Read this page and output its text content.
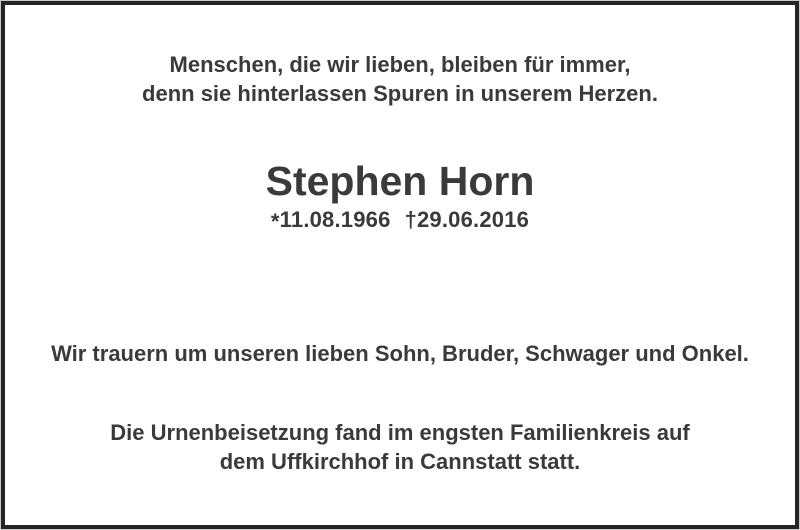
Menschen, die wir lieben, bleiben für immer,
denn sie hinterlassen Spuren in unserem Herzen.
Stephen Horn
*11.08.1966 †29.06.2016
Wir trauern um unseren lieben Sohn, Bruder, Schwager und Onkel.
Die Urnenbeisetzung fand im engsten Familienkreis auf
dem Uffkirchhof in Cannstatt statt.
